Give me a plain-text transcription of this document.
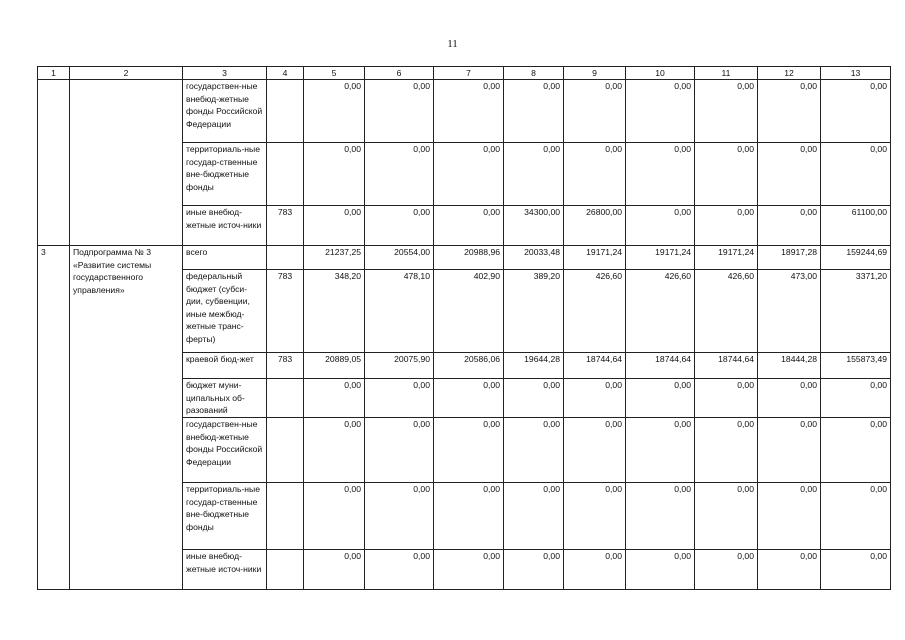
11
1	2	3	4	5	6	7	8	9	10	11	12	13
		государствен-ные внебюд-жетные фонды Российской Федерации		0,00	0,00	0,00	0,00	0,00	0,00	0,00	0,00	0,00
		территориаль-ные государ-ственные вне-бюджетные фонды		0,00	0,00	0,00	0,00	0,00	0,00	0,00	0,00	0,00
		иные внебюд-жетные источ-ники	783	0,00	0,00	0,00	34300,00	26800,00	0,00	0,00	0,00	61100,00
3	Подпрограмма № 3 «Развитие системы государственного управления»	всего		21237,25	20554,00	20988,96	20033,48	19171,24	19171,24	19171,24	18917,28	159244,69
		федеральный бюджет (субси-дии, субвенции, иные межбюд-жетные транс-ферты)	783	348,20	478,10	402,90	389,20	426,60	426,60	426,60	473,00	3371,20
		краевой бюд-жет	783	20889,05	20075,90	20586,06	19644,28	18744,64	18744,64	18744,64	18444,28	155873,49
		бюджет муни-ципальных об-разований		0,00	0,00	0,00	0,00	0,00	0,00	0,00	0,00	0,00
		государствен-ные внебюд-жетные фонды Российской Федерации		0,00	0,00	0,00	0,00	0,00	0,00	0,00	0,00	0,00
		территориаль-ные государ-ственные вне-бюджетные фонды		0,00	0,00	0,00	0,00	0,00	0,00	0,00	0,00	0,00
		иные внебюд-жетные источ-ники		0,00	0,00	0,00	0,00	0,00	0,00	0,00	0,00	0,00
